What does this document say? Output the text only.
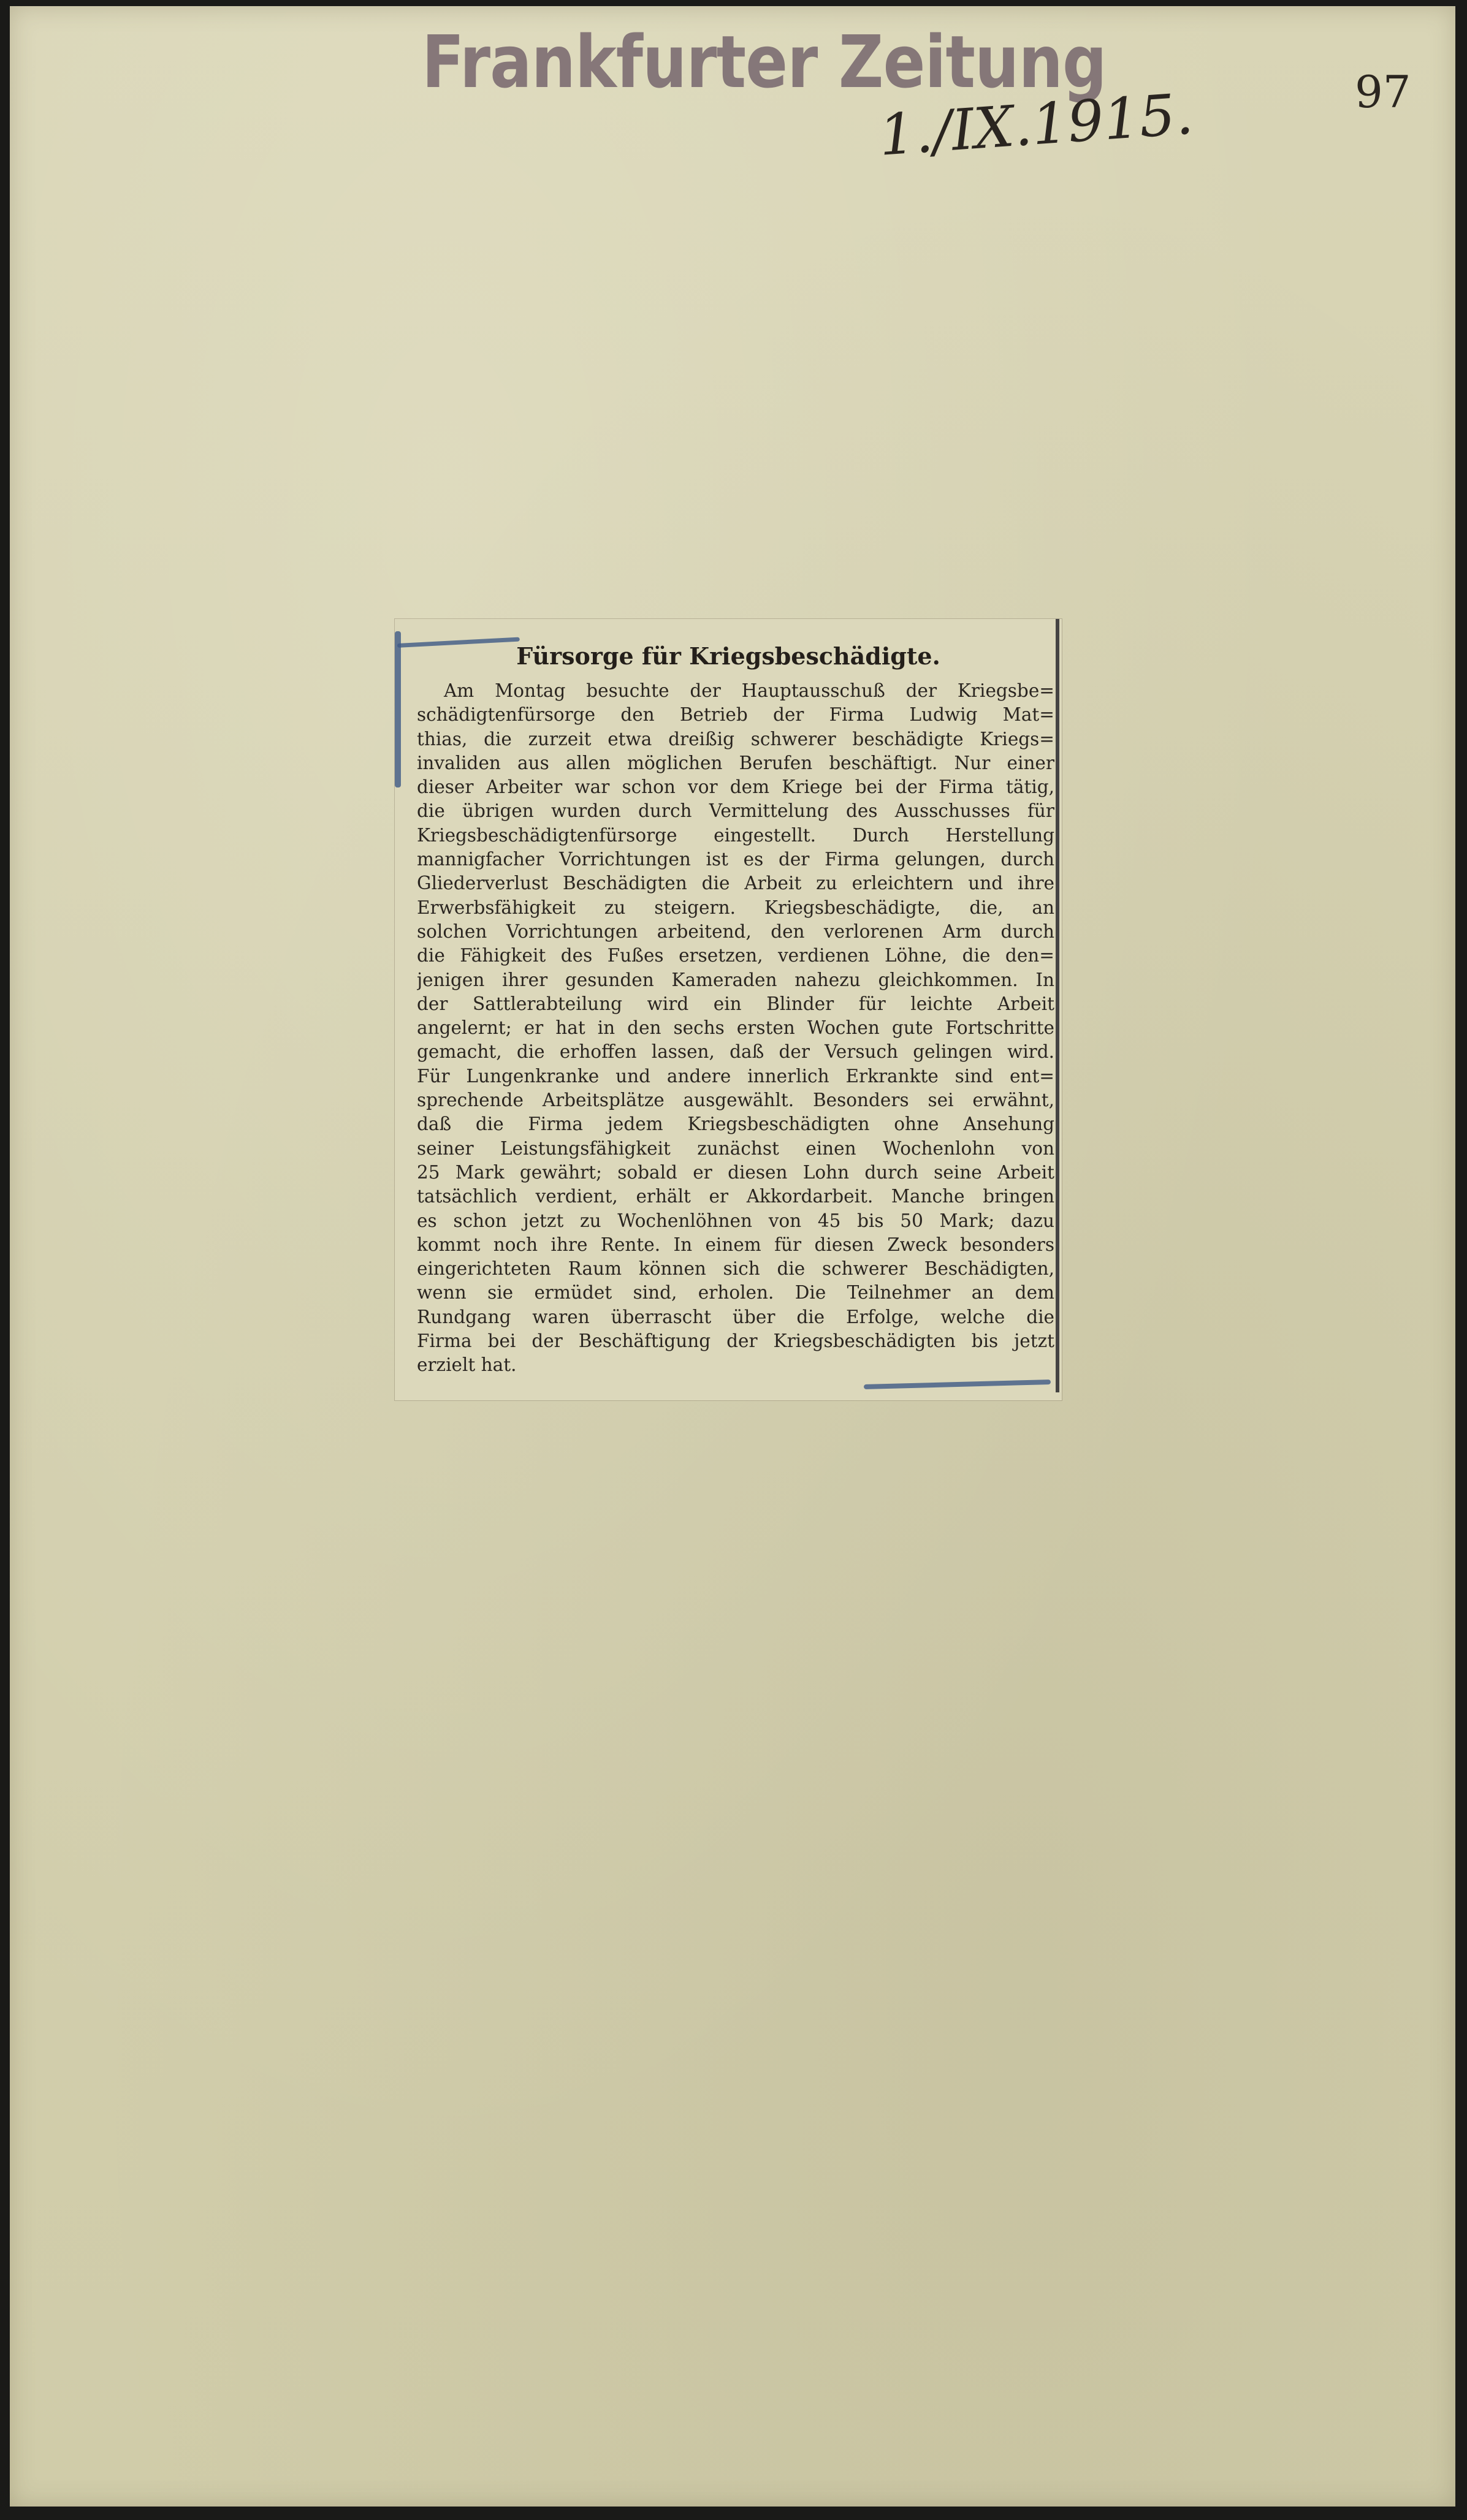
Frankfurter Zeitung
1./IX.1915.	97
Fürsorge für Kriegsbeschädigte.
Am Montag besuchte der Hauptausschuß der Kriegsbe=
schädigtenfürsorge den Betrieb der Firma Ludwig Mat=
thias, die zurzeit etwa dreißig schwerer beschädigte Kriegs=
invaliden aus allen möglichen Berufen beschäftigt. Nur einer
dieser Arbeiter war schon vor dem Kriege bei der Firma tätig,
die übrigen wurden durch Vermittelung des Ausschusses für
Kriegsbeschädigtenfürsorge eingestellt. Durch Herstellung
mannigfacher Vorrichtungen ist es der Firma gelungen, durch
Gliederverlust Beschädigten die Arbeit zu erleichtern und ihre
Erwerbsfähigkeit zu steigern. Kriegsbeschädigte, die, an
solchen Vorrichtungen arbeitend, den verlorenen Arm durch
die Fähigkeit des Fußes ersetzen, verdienen Löhne, die den=
jenigen ihrer gesunden Kameraden nahezu gleichkommen. In
der Sattlerabteilung wird ein Blinder für leichte Arbeit
angelernt; er hat in den sechs ersten Wochen gute Fortschritte
gemacht, die erhoffen lassen, daß der Versuch gelingen wird.
Für Lungenkranke und andere innerlich Erkrankte sind ent=
sprechende Arbeitsplätze ausgewählt. Besonders sei erwähnt,
daß die Firma jedem Kriegsbeschädigten ohne Ansehung
seiner Leistungsfähigkeit zunächst einen Wochenlohn von
25 Mark gewährt; sobald er diesen Lohn durch seine Arbeit
tatsächlich verdient, erhält er Akkordarbeit. Manche bringen
es schon jetzt zu Wochenlöhnen von 45 bis 50 Mark; dazu
kommt noch ihre Rente. In einem für diesen Zweck besonders
eingerichteten Raum können sich die schwerer Beschädigten,
wenn sie ermüdet sind, erholen. Die Teilnehmer an dem
Rundgang waren überrascht über die Erfolge, welche die
Firma bei der Beschäftigung der Kriegsbeschädigten bis jetzt
erzielt hat.
